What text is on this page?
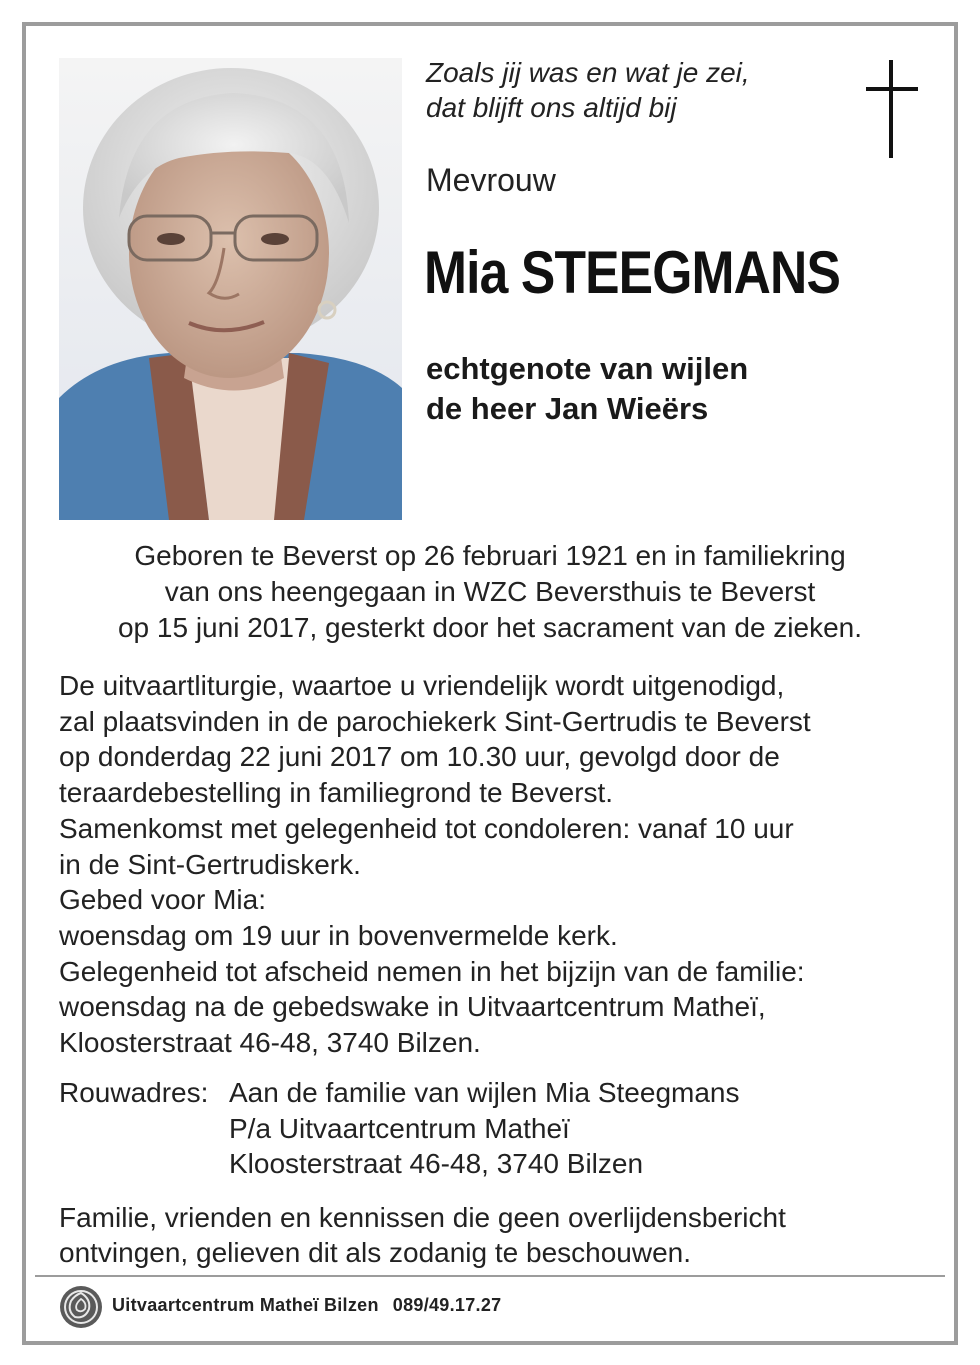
Zoals jij was en wat je zei,
dat blijft ons altijd bij
Mevrouw
Mia STEEGMANS
echtgenote van wijlen
de heer Jan Wieërs
Geboren te Beverst op 26 februari 1921 en in familiekring
van ons heengegaan in WZC Beversthuis te Beverst
op 15 juni 2017, gesterkt door het sacrament van de zieken.
De uitvaartliturgie, waartoe u vriendelijk wordt uitgenodigd,
zal plaatsvinden in de parochiekerk Sint-Gertrudis te Beverst
op donderdag 22 juni 2017 om 10.30 uur, gevolgd door de
teraardebestelling in familiegrond te Beverst.
Samenkomst met gelegenheid tot condoleren: vanaf 10 uur
in de Sint-Gertrudiskerk.
Gebed voor Mia:
woensdag om 19 uur in bovenvermelde kerk.
Gelegenheid tot afscheid nemen in het bijzijn van de familie:
woensdag na de gebedswake in Uitvaartcentrum Matheï,
Kloosterstraat 46-48, 3740 Bilzen.
Rouwadres: Aan de familie van wijlen Mia Steegmans
P/a Uitvaartcentrum Matheï
Kloosterstraat 46-48, 3740 Bilzen
Familie, vrienden en kennissen die geen overlijdensbericht
ontvingen, gelieven dit als zodanig te beschouwen.
Uitvaartcentrum Matheï Bilzen 089/49.17.27
